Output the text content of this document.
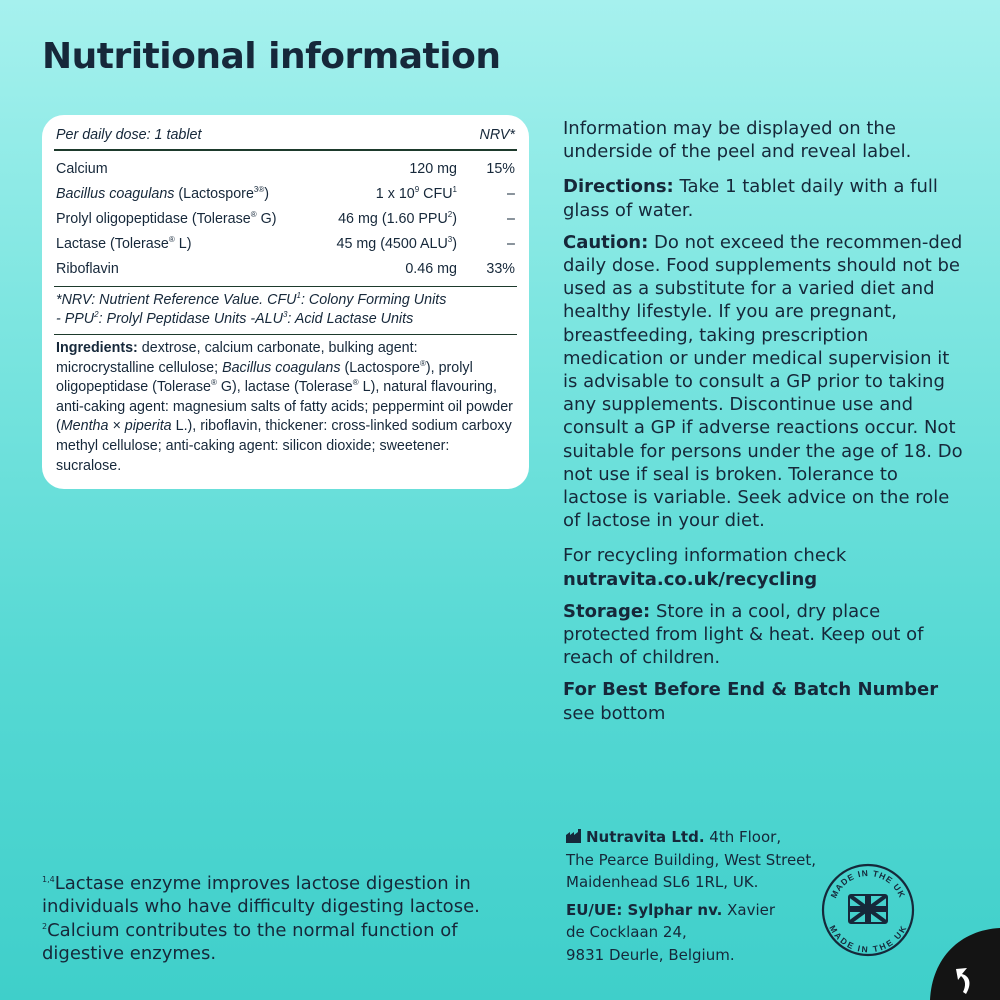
Nutritional information
Per daily dose: 1 tablet	NRV*
Calcium	120 mg	15%
Bacillus coagulans (Lactospore$^{3®}$)	1 x $10^9$ CFU$^1$	–
Prolyl oligopeptidase (Tolerase® G)	46 mg (1.60 PPU$^2$)	–
Lactase (Tolerase® L)	45 mg (4500 ALU$^3$)	–
Riboflavin	0.46 mg	33%
*NRV: Nutrient Reference Value. CFU$^1$: Colony Forming Units
- PPU$^2$: Prolyl Peptidase Units -ALU$^3$: Acid Lactase Units
Ingredients: dextrose, calcium carbonate, bulking agent: microcrystalline cellulose; Bacillus coagulans (Lactospore®), prolyl oligopeptidase (Tolerase® G), lactase (Tolerase® L), natural flavouring, anti-caking agent: magnesium salts of fatty acids; peppermint oil powder (Mentha × piperita L.), riboflavin, thickener: cross-linked sodium carboxy methyl cellulose; anti-caking agent: silicon dioxide; sweetener: sucralose.

Information may be displayed on the underside of the peel and reveal label.

Directions: Take 1 tablet daily with a full glass of water.

Caution: Do not exceed the recommen-ded daily dose. Food supplements should not be used as a substitute for a varied diet and healthy lifestyle. If you are pregnant, breastfeeding, taking prescription medication or under medical supervision it is advisable to consult a GP prior to taking any supplements. Discontinue use and consult a GP if adverse reactions occur. Not suitable for persons under the age of 18. Do not use if seal is broken. Tolerance to lactose is variable. Seek advice on the role of lactose in your diet.

For recycling information check
nutravita.co.uk/recycling

Storage: Store in a cool, dry place protected from light & heat. Keep out of reach of children.

For Best Before End & Batch Number see bottom

$^{1,4}$Lactase enzyme improves lactose digestion in individuals who have difficulty digesting lactose. $^2$Calcium contributes to the normal function of digestive enzymes.

Nutravita Ltd. 4th Floor,
The Pearce Building, West Street,
Maidenhead SL6 1RL, UK.

EU/UE: Sylphar nv. Xavier
de Cocklaan 24,
9831 Deurle, Belgium.

MADE IN THE UK
MADE IN THE UK
